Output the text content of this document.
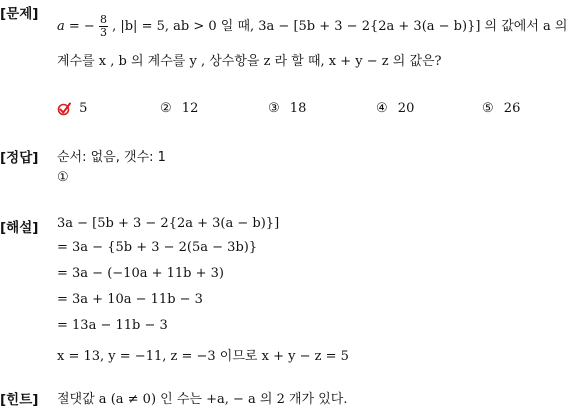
[문제]
a = − $\frac{8}{3}$ , |b| = 5, ab > 0 일 때, 3a − [5b + 3 − 2{2a + 3(a − b)}] 의 값에서 a 의
계수를 x , b 의 계수를 y , 상수항을 z 라 할 때, x + y − z 의 값은?
5	② 12	③ 18	④ 20	⑤ 26
[정답] 순서: 없음, 갯수: 1
①
[해설] 3a − [5b + 3 − 2{2a + 3(a − b)}]
= 3a − {5b + 3 − 2(5a − 3b)}
= 3a − (−10a + 11b + 3)
= 3a + 10a − 11b − 3
= 13a − 11b − 3
x = 13, y = −11, z = −3 이므로 x + y − z = 5
[힌트] 절댓값 a (a ≠ 0) 인 수는 +a, − a 의 2 개가 있다.
